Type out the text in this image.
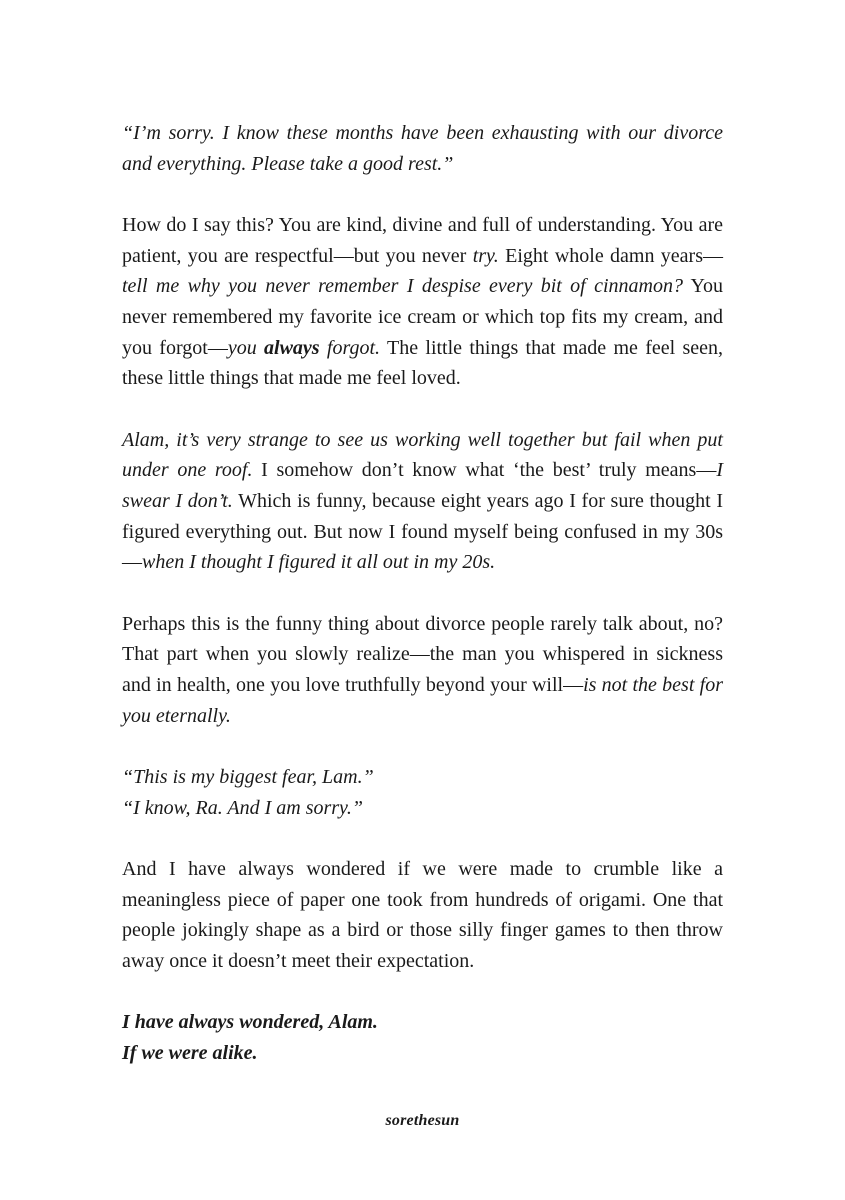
“I’m sorry. I know these months have been exhausting with our divorce and everything. Please take a good rest.”

How do I say this? You are kind, divine and full of understanding. You are patient, you are respectful—but you never try. Eight whole damn years—tell me why you never remember I despise every bit of cinnamon? You never remembered my favorite ice cream or which top fits my cream, and you forgot—you always forgot. The little things that made me feel seen, these little things that made me feel loved.

Alam, it’s very strange to see us working well together but fail when put under one roof. I somehow don’t know what ‘the best’ truly means—I swear I don’t. Which is funny, because eight years ago I for sure thought I figured everything out. But now I found myself being confused in my 30s—when I thought I figured it all out in my 20s.

Perhaps this is the funny thing about divorce people rarely talk about, no? That part when you slowly realize—the man you whispered in sickness and in health, one you love truthfully beyond your will—is not the best for you eternally.

“This is my biggest fear, Lam.”

“I know, Ra. And I am sorry.”

And I have always wondered if we were made to crumble like a meaningless piece of paper one took from hundreds of origami. One that people jokingly shape as a bird or those silly finger games to then throw away once it doesn’t meet their expectation.

I have always wondered, Alam.

If we were alike.

sorethesun
